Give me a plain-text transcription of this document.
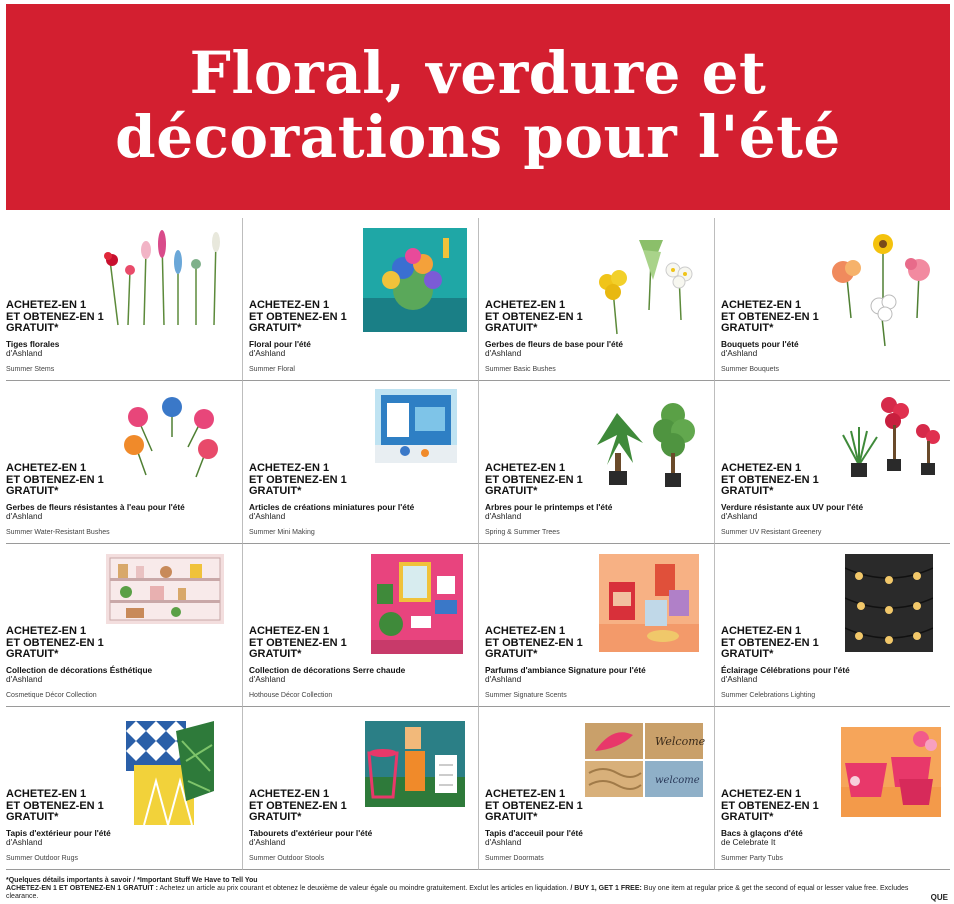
Floral, verdure et
décorations pour l'été
ACHETEZ-EN 1
ET OBTENEZ-EN 1
GRATUIT*
Tiges florales
d'Ashland
Summer Stems
ACHETEZ-EN 1
ET OBTENEZ-EN 1
GRATUIT*
Floral pour l'été
d'Ashland
Summer Floral
ACHETEZ-EN 1
ET OBTENEZ-EN 1
GRATUIT*
Gerbes de fleurs de base pour l'été
d'Ashland
Summer Basic Bushes
ACHETEZ-EN 1
ET OBTENEZ-EN 1
GRATUIT*
Bouquets pour l'été
d'Ashland
Summer Bouquets
ACHETEZ-EN 1
ET OBTENEZ-EN 1
GRATUIT*
Gerbes de fleurs résistantes à l'eau pour l'été
d'Ashland
Summer Water-Resistant Bushes
ACHETEZ-EN 1
ET OBTENEZ-EN 1
GRATUIT*
Articles de créations miniatures pour l'été
d'Ashland
Summer Mini Making
ACHETEZ-EN 1
ET OBTENEZ-EN 1
GRATUIT*
Arbres pour le printemps et l'été
d'Ashland
Spring & Summer Trees
ACHETEZ-EN 1
ET OBTENEZ-EN 1
GRATUIT*
Verdure résistante aux UV pour l'été
d'Ashland
Summer UV Resistant Greenery
ACHETEZ-EN 1
ET OBTENEZ-EN 1
GRATUIT*
Collection de décorations Ésthétique
d'Ashland
Cosmetique Décor Collection
ACHETEZ-EN 1
ET OBTENEZ-EN 1
GRATUIT*
Collection de décorations Serre chaude
d'Ashland
Hothouse Décor Collection
ACHETEZ-EN 1
ET OBTENEZ-EN 1
GRATUIT*
Parfums d'ambiance Signature pour l'été
d'Ashland
Summer Signature Scents
ACHETEZ-EN 1
ET OBTENEZ-EN 1
GRATUIT*
Éclairage Célébrations pour l'été
d'Ashland
Summer Celebrations Lighting
ACHETEZ-EN 1
ET OBTENEZ-EN 1
GRATUIT*
Tapis d'extérieur pour l'été
d'Ashland
Summer Outdoor Rugs
ACHETEZ-EN 1
ET OBTENEZ-EN 1
GRATUIT*
Tabourets d'extérieur pour l'été
d'Ashland
Summer Outdoor Stools
Welcome
welcome
ACHETEZ-EN 1
ET OBTENEZ-EN 1
GRATUIT*
Tapis d'acceuil pour l'été
d'Ashland
Summer Doormats
ACHETEZ-EN 1
ET OBTENEZ-EN 1
GRATUIT*
Bacs à glaçons d'été
de Celebrate It
Summer Party Tubs
*Quelques détails importants à savoir / *Important Stuff We Have to Tell You
ACHETEZ-EN 1 ET OBTENEZ-EN 1 GRATUIT : Achetez un article au prix courant et obtenez le deuxième de valeur égale ou moindre gratuitement. Exclut les articles en liquidation. / BUY 1, GET 1 FREE: Buy one item at regular price & get the second of equal or lesser value free. Excludes clearance.	QUE
